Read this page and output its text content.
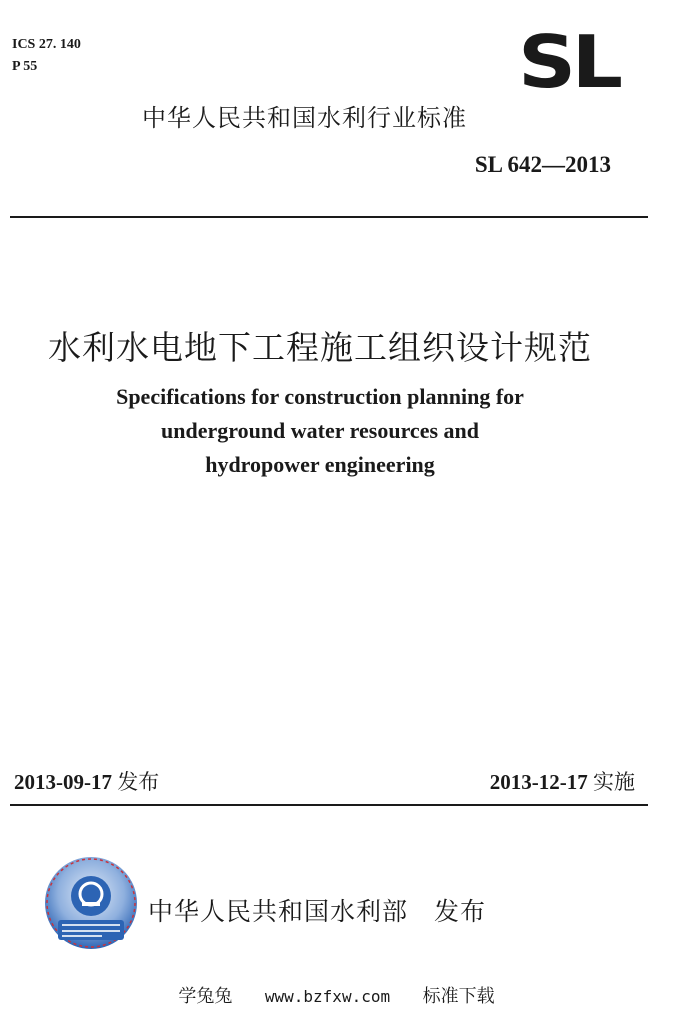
ICS 27. 140
P 55	SL
中华人民共和国水利行业标准
SL 642—2013
水利水电地下工程施工组织设计规范
Specifications for construction planning for
underground water resources and
hydropower engineering
2013-09-17 发布	2013-12-17 实施
中华人民共和国水利部　发布
学兔兔 www.bzfxw.com 标准下载
